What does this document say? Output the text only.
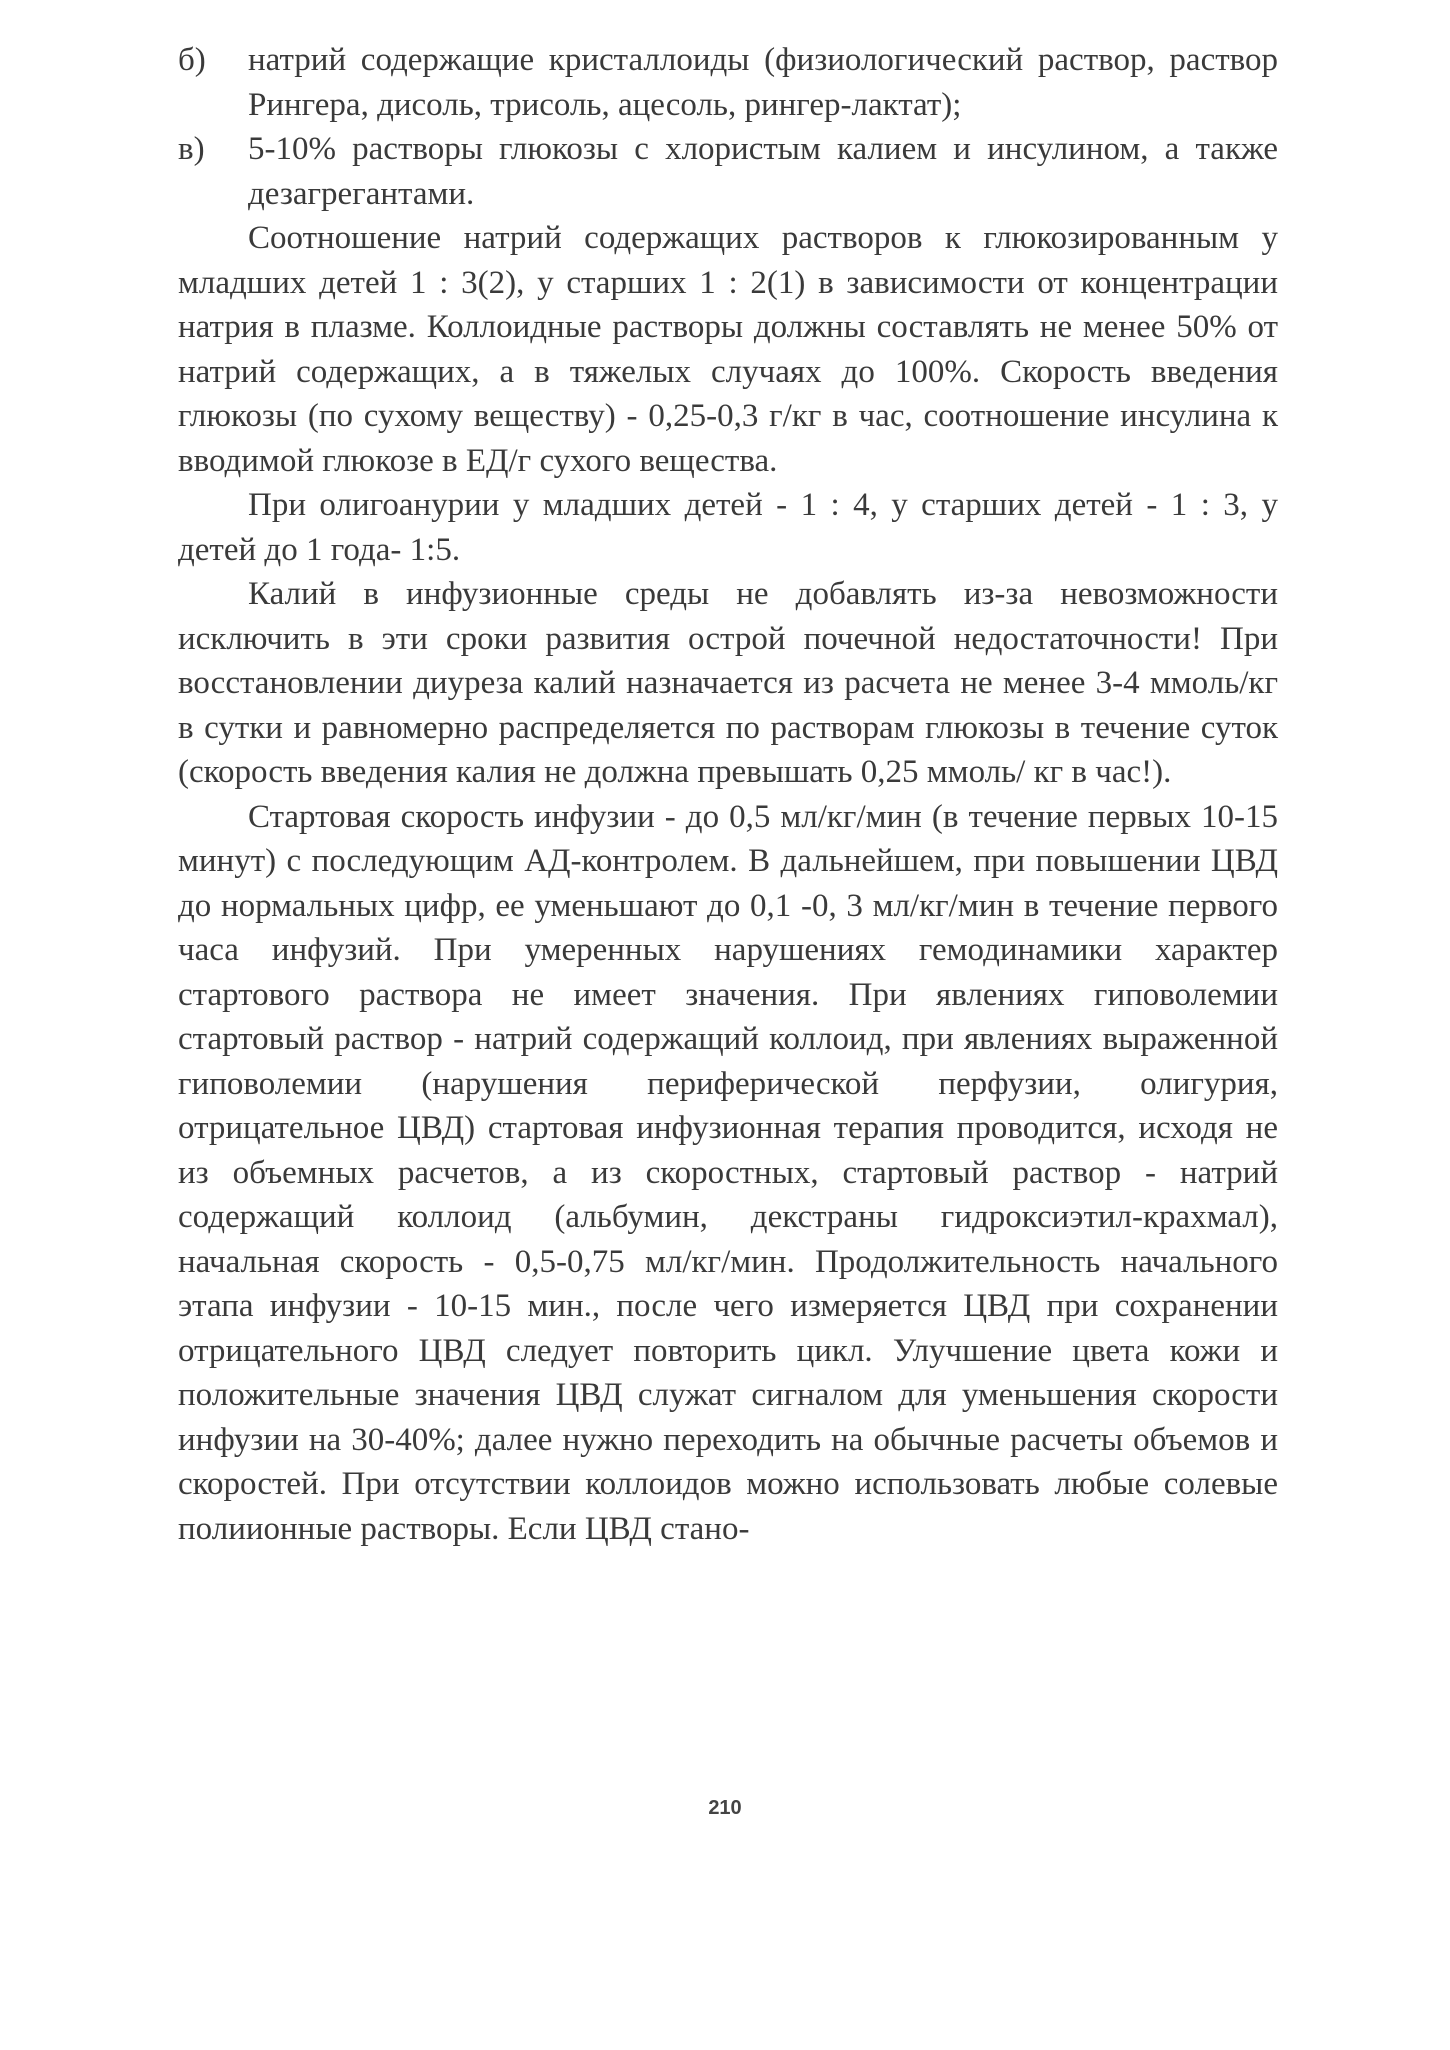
б) натрий содержащие кристаллоиды (физиологический раствор, раствор Рингера, дисоль, трисоль, ацесоль, рингер-лактат);

в) 5-10% растворы глюкозы с хлористым калием и инсулином, а также дезагрегантами.

Соотношение натрий содержащих растворов к глюкозированным у младших детей 1 : 3(2), у старших 1 : 2(1) в зависимости от концентрации натрия в плазме. Коллоидные растворы должны составлять не менее 50% от натрий содержащих, а в тяжелых случаях до 100%. Скорость введения глюкозы (по сухому веществу) - 0,25-0,3 г/кг в час, соотношение инсулина к вводимой глюкозе в ЕД/г сухого вещества.

При олигоанурии у младших детей - 1 : 4, у старших детей - 1 : 3, у детей до 1 года- 1:5.

Калий в инфузионные среды не добавлять из-за невозможности исключить в эти сроки развития острой почечной недостаточности! При восстановлении диуреза калий назначается из расчета не менее 3-4 ммоль/кг в сутки и равномерно распределяется по растворам глюкозы в течение суток (скорость введения калия не должна превышать 0,25 ммоль/ кг в час!).

Стартовая скорость инфузии - до 0,5 мл/кг/мин (в течение первых 10-15 минут) с последующим АД-контролем. В дальнейшем, при повышении ЦВД до нормальных цифр, ее уменьшают до 0,1 -0, 3 мл/кг/мин в течение первого часа инфузий. При умеренных нарушениях гемодинамики характер стартового раствора не имеет значения. При явлениях гиповолемии стартовый раствор - натрий содержащий коллоид, при явлениях выраженной гиповолемии (нарушения периферической перфузии, олигурия, отрицательное ЦВД) стартовая инфузионная терапия проводится, исходя не из объемных расчетов, а из скоростных, стартовый раствор - натрий содержащий коллоид (альбумин, декстраны гидроксиэтил-крахмал), начальная скорость - 0,5-0,75 мл/кг/мин. Продолжительность начального этапа инфузии - 10-15 мин., после чего измеряется ЦВД при сохранении отрицательного ЦВД следует повторить цикл. Улучшение цвета кожи и положительные значения ЦВД служат сигналом для уменьшения скорости инфузии на 30-40%; далее нужно переходить на обычные расчеты объемов и скоростей. При отсутствии коллоидов можно использовать любые солевые полиионные растворы. Если ЦВД стано-

210
